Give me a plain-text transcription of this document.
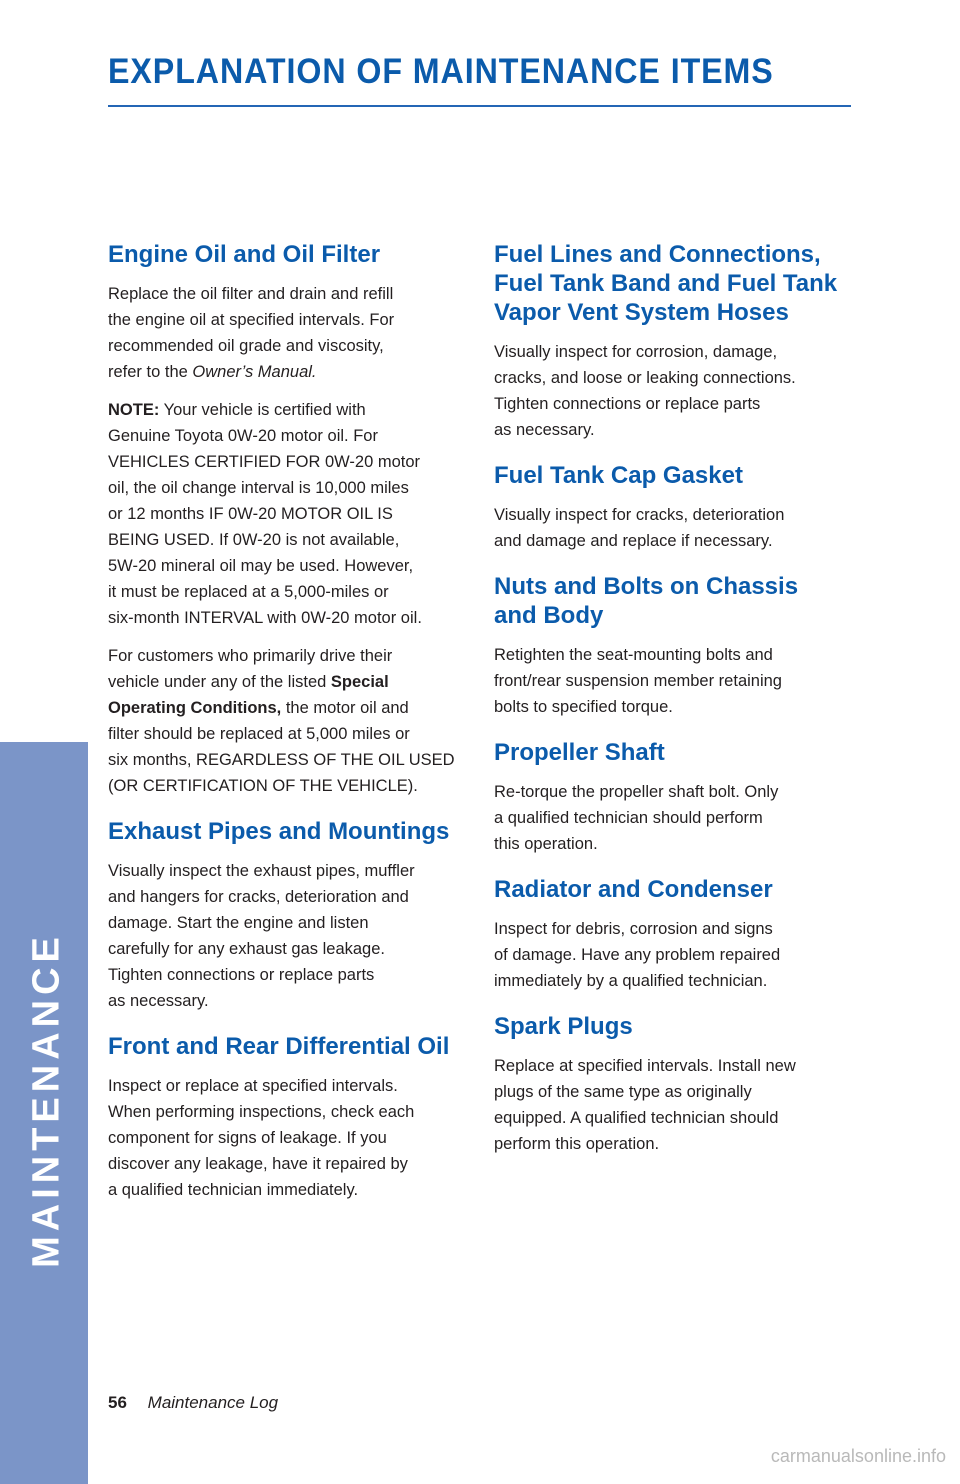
EXPLANATION OF MAINTENANCE ITEMS
MAINTENANCE
Engine Oil and Oil Filter

Replace the oil filter and drain and refill
the engine oil at specified intervals. For
recommended oil grade and viscosity,
refer to the Owner’s Manual.

NOTE: Your vehicle is certified with
Genuine Toyota 0W-20 motor oil. For
VEHICLES CERTIFIED FOR 0W-20 motor
oil, the oil change interval is 10,000 miles
or 12 months IF 0W-20 MOTOR OIL IS
BEING USED. If 0W-20 is not available,
5W-20 mineral oil may be used. However,
it must be replaced at a 5,000-miles or
six-month INTERVAL with 0W-20 motor oil.

For customers who primarily drive their
vehicle under any of the listed Special
Operating Conditions, the motor oil and
filter should be replaced at 5,000 miles or
six months, REGARDLESS OF THE OIL USED
(OR CERTIFICATION OF THE VEHICLE).

Exhaust Pipes and Mountings

Visually inspect the exhaust pipes, muffler
and hangers for cracks, deterioration and
damage. Start the engine and listen
carefully for any exhaust gas leakage.
Tighten connections or replace parts
as necessary.

Front and Rear Differential Oil

Inspect or replace at specified intervals.
When performing inspections, check each
component for signs of leakage. If you
discover any leakage, have it repaired by
a qualified technician immediately.

Fuel Lines and Connections,
Fuel Tank Band and Fuel Tank
Vapor Vent System Hoses

Visually inspect for corrosion, damage,
cracks, and loose or leaking connections.
Tighten connections or replace parts
as necessary.

Fuel Tank Cap Gasket

Visually inspect for cracks, deterioration
and damage and replace if necessary.

Nuts and Bolts on Chassis
and Body

Retighten the seat-mounting bolts and
front/rear suspension member retaining
bolts to specified torque.

Propeller Shaft

Re-torque the propeller shaft bolt. Only
a qualified technician should perform
this operation.

Radiator and Condenser

Inspect for debris, corrosion and signs
of damage. Have any problem repaired
immediately by a qualified technician.

Spark Plugs

Replace at specified intervals. Install new
plugs of the same type as originally
equipped. A qualified technician should
perform this operation.

56 Maintenance Log
carmanualsonline.info
